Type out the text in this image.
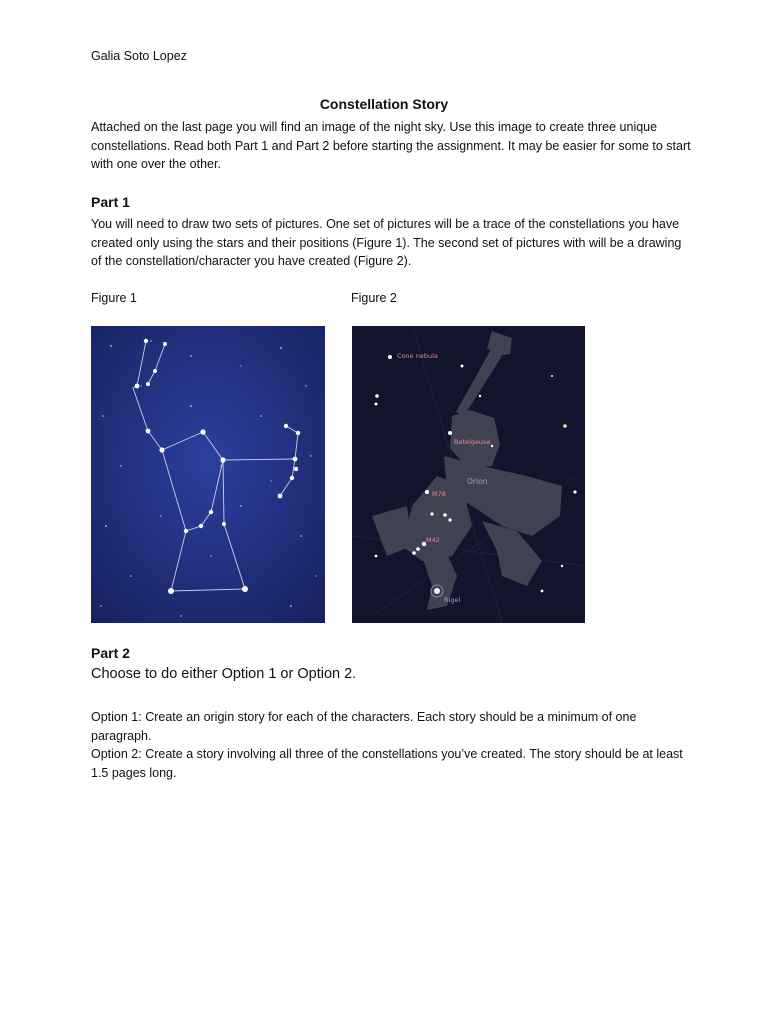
Galia Soto Lopez
Constellation Story
Attached on the last page you will find an image of the night sky. Use this image to create three unique constellations. Read both Part 1 and Part 2 before starting the assignment. It may be easier for some to start with one over the other.
Part 1
You will need to draw two sets of pictures. One set of pictures will be a trace of the constellations you have created only using the stars and their positions (Figure 1). The second set of pictures with will be a drawing of the constellation/character you have created (Figure 2).
Figure 1	Figure 2
Cone nebula
Betelgeuse
Orion
M78
M42
Rigel
Part 2
Choose to do either Option 1 or Option 2.

Option 1: Create an origin story for each of the characters. Each story should be a minimum of one paragraph.

Option 2: Create a story involving all three of the constellations you’ve created. The story should be at least 1.5 pages long.
